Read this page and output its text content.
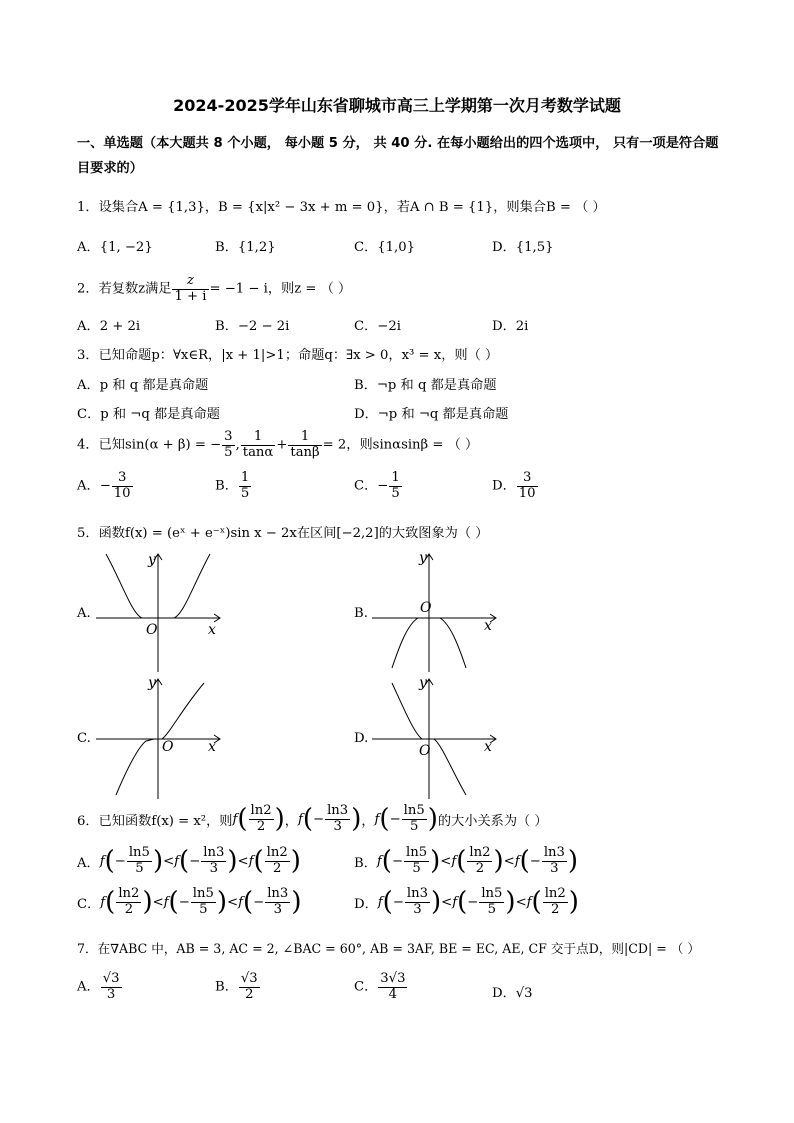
2024-2025学年山东省聊城市高三上学期第一次月考数学试题
一、单选题（本大题共 8 个小题， 每小题 5 分， 共 40 分. 在每小题给出的四个选项中， 只有一项是符合题目要求的）
1．设集合A = {1,3}，B = {x|x² − 3x + m = 0}，若A ∩ B = {1}，则集合B = （ ）
A．{1, −2}	B．{1,2}	C．{1,0}	D．{1,5}
2．若复数z满足 $\frac{z}{1 + i} = -1 - i$，则z = （ ）
A．2 + 2i	B．−2 − 2i	C．−2i	D．2i
3．已知命题p：∀x∈R，|x + 1|>1；命题q：∃x > 0，x³ = x，则（ ）
A．p 和 q 都是真命题	B．¬p 和 q 都是真命题
C．p 和 ¬q 都是真命题	D．¬p 和 ¬q 都是真命题
4．已知sin(α + β) = − $\frac{3}{5}$ , $\frac{1}{\tan\alpha} + \frac{1}{\tan\beta} = 2$，则sinαsinβ = （ ）
A．− $\frac{3}{10}$	B． $\frac{1}{5}$	C．− $\frac{1}{5}$	D． $\frac{3}{10}$
5．函数f(x) = (eˣ + e⁻ˣ)sin x − 2x在区间[−2,2]的大致图象为（ ）
A.	B.
C.	D.
y
x
O
y
x
O
y
x
O
y
x
O
6．已知函数f(x) = x²，则 f ( $\frac{\ln 2}{2}$ ) ， f ( − $\frac{\ln 3}{3}$ ) ， f ( − $\frac{\ln 5}{5}$ ) 的大小关系为（ ）
A． f ( − $\frac{\ln 5}{5}$ ) < f ( − $\frac{\ln 3}{3}$ ) < f ( $\frac{\ln 2}{2}$ )	B． f ( − $\frac{\ln 5}{5}$ ) < f ( $\frac{\ln 2}{2}$ ) < f ( − $\frac{\ln 3}{3}$ )
C． f ( $\frac{\ln 2}{2}$ ) < f ( − $\frac{\ln 5}{5}$ ) < f ( − $\frac{\ln 3}{3}$ )	D． f ( − $\frac{\ln 3}{3}$ ) < f ( − $\frac{\ln 5}{5}$ ) < f ( $\frac{\ln 2}{2}$ )
7．在∇ABC 中，AB = 3, AC = 2, ∠BAC = 60°, AB = 3AF, BE = EC, AE, CF 交于点D，则|CD| = （ ）
A． $\frac{√3}{3}$	B． $\frac{√3}{2}$	C． $\frac{3√3}{4}$	D．√3
